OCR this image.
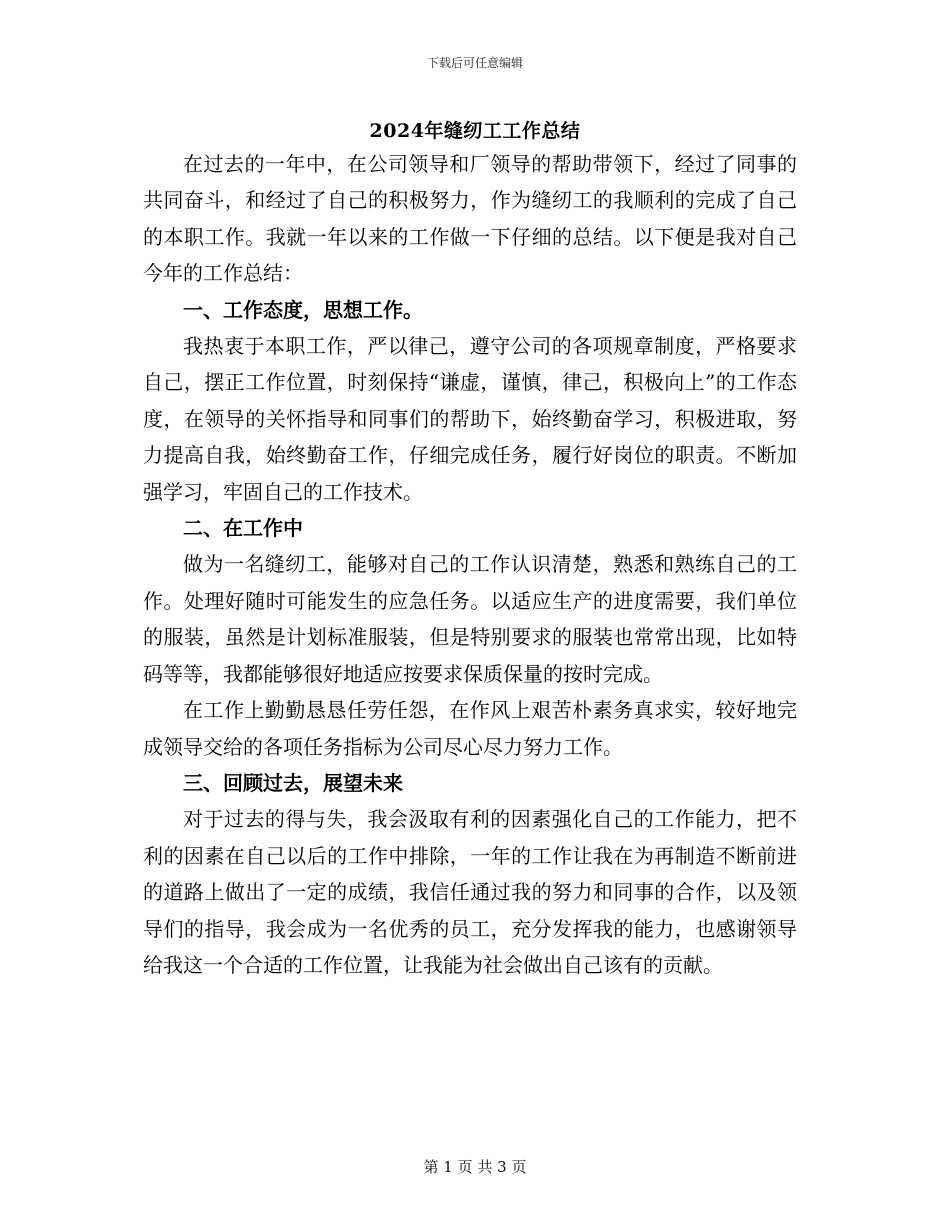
下载后可任意编辑
2024年缝纫工工作总结

在过去的一年中，在公司领导和厂领导的帮助带领下，经过了同事的共同奋斗，和经过了自己的积极努力，作为缝纫工的我顺利的完成了自己的本职工作。我就一年以来的工作做一下仔细的总结。以下便是我对自己今年的工作总结：

一、工作态度，思想工作。

我热衷于本职工作，严以律己，遵守公司的各项规章制度，严格要求自己，摆正工作位置，时刻保持“谦虚，谨慎，律己，积极向上”的工作态度，在领导的关怀指导和同事们的帮助下，始终勤奋学习，积极进取，努力提高自我，始终勤奋工作，仔细完成任务，履行好岗位的职责。不断加强学习，牢固自己的工作技术。

二、在工作中

做为一名缝纫工，能够对自己的工作认识清楚，熟悉和熟练自己的工作。处理好随时可能发生的应急任务。以适应生产的进度需要，我们单位的服装，虽然是计划标准服装，但是特别要求的服装也常常出现，比如特码等等，我都能够很好地适应按要求保质保量的按时完成。

在工作上勤勤恳恳任劳任怨，在作风上艰苦朴素务真求实，较好地完成领导交给的各项任务指标为公司尽心尽力努力工作。

三、回顾过去，展望未来

对于过去的得与失，我会汲取有利的因素强化自己的工作能力，把不利的因素在自己以后的工作中排除，一年的工作让我在为再制造不断前进的道路上做出了一定的成绩，我信任通过我的努力和同事的合作，以及领导们的指导，我会成为一名优秀的员工，充分发挥我的能力，也感谢领导给我这一个合适的工作位置，让我能为社会做出自己该有的贡献。

第 1 页 共 3 页
